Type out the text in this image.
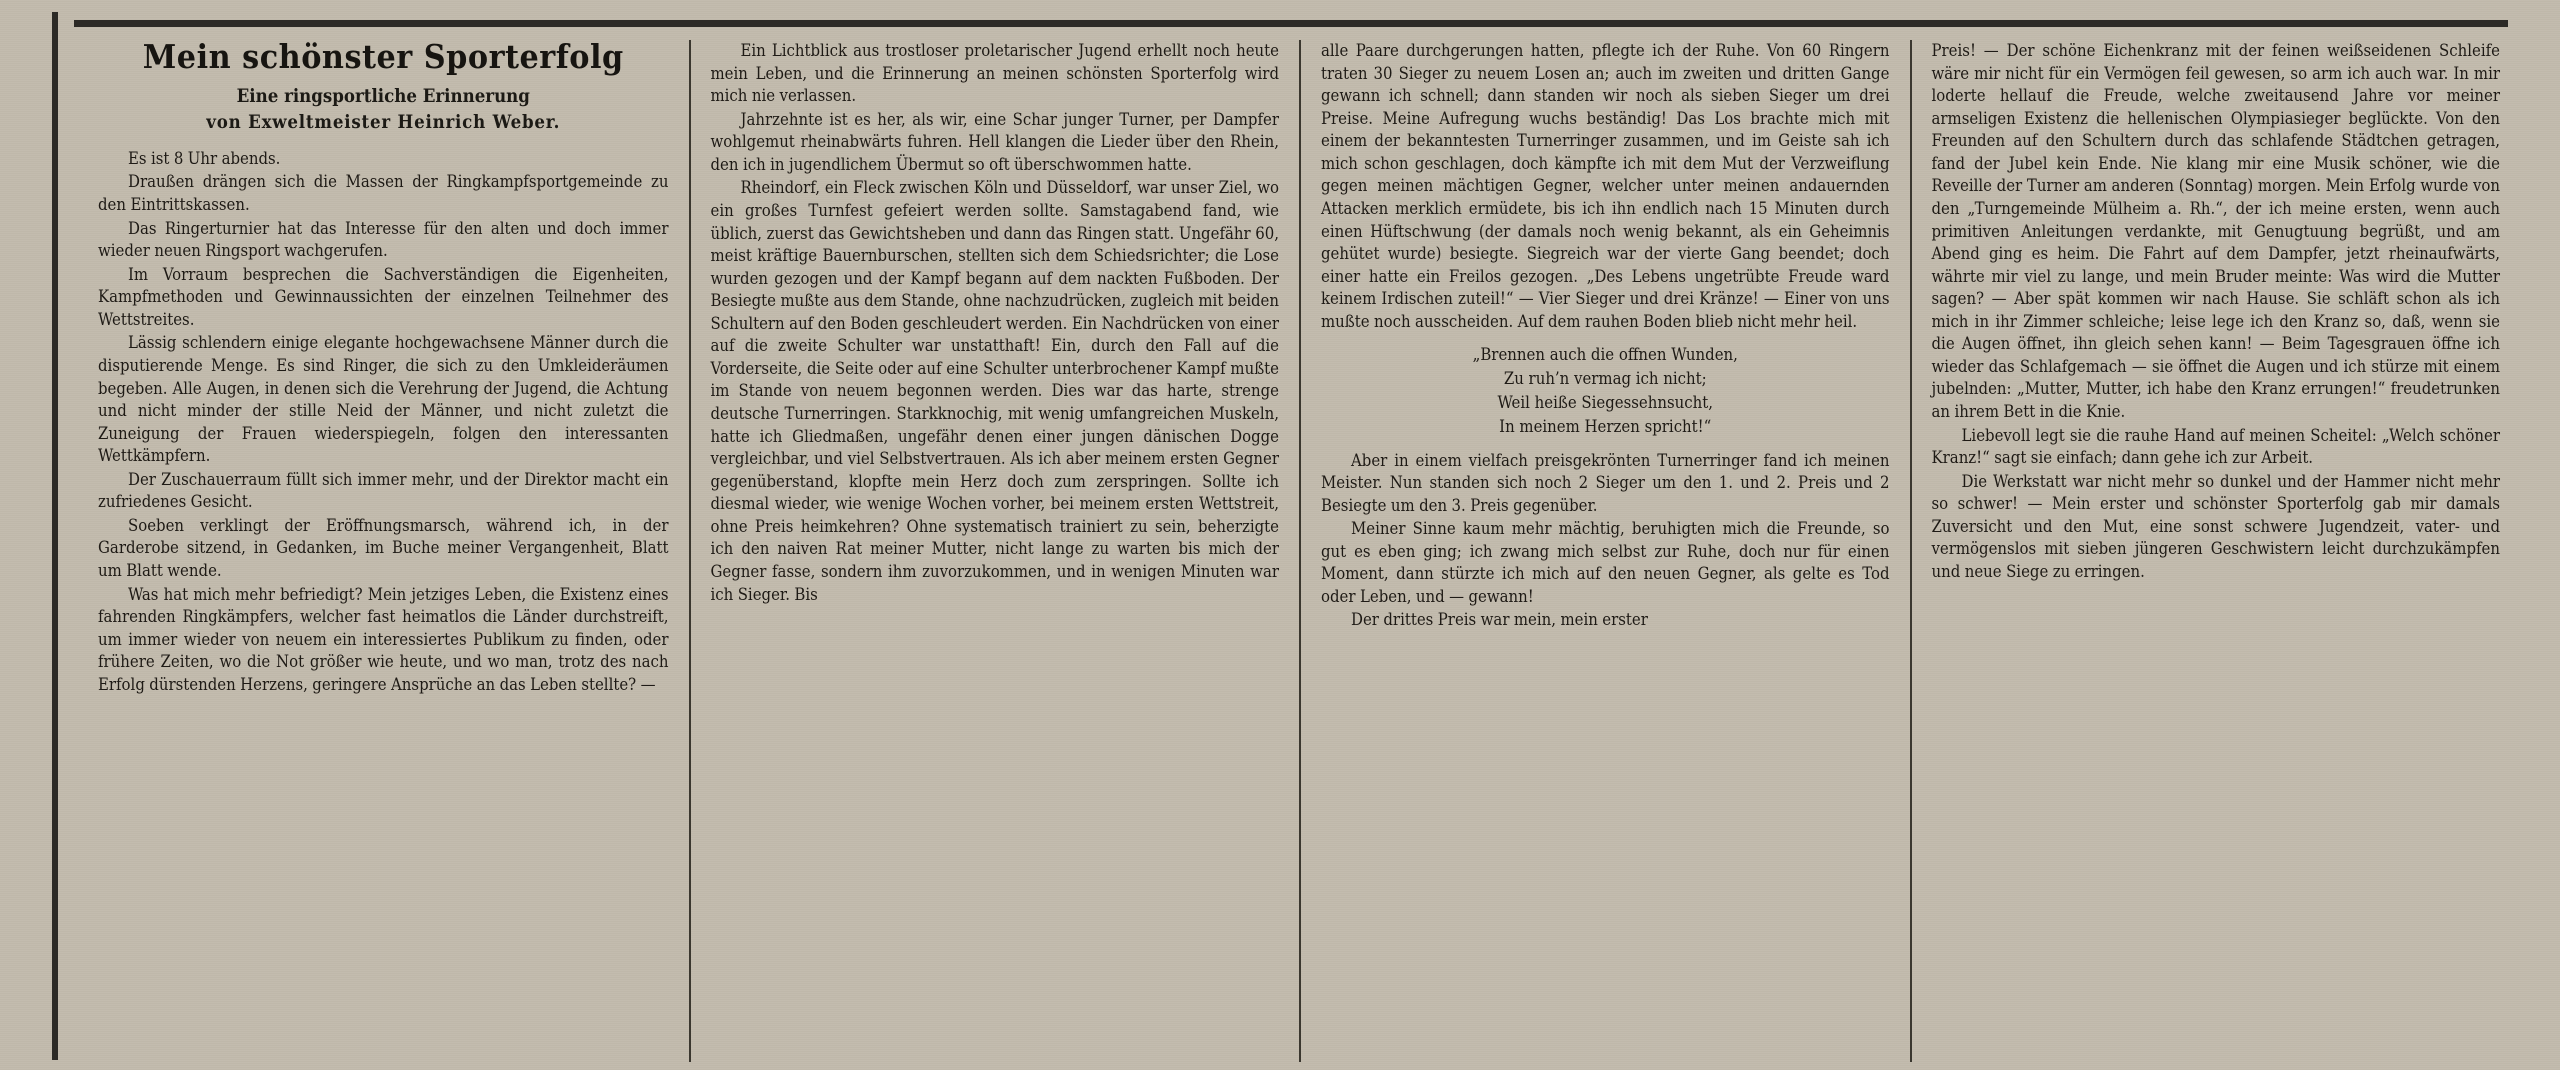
Mein schönster Sporterfolg
Eine ringsportliche Erinnerung
von Exweltmeister Heinrich Weber.

Es ist 8 Uhr abends.

Draußen drängen sich die Massen der Ringkampfsportgemeinde zu den Eintrittskassen.

Das Ringerturnier hat das Interesse für den alten und doch immer wieder neuen Ringsport wachgerufen.

Im Vorraum besprechen die Sachverständigen die Eigenheiten, Kampfmethoden und Gewinnaussichten der einzelnen Teilnehmer des Wettstreites.

Lässig schlendern einige elegante hochgewachsene Männer durch die disputierende Menge. Es sind Ringer, die sich zu den Umkleideräumen begeben. Alle Augen, in denen sich die Verehrung der Jugend, die Achtung und nicht minder der stille Neid der Männer, und nicht zuletzt die Zuneigung der Frauen wiederspiegeln, folgen den interessanten Wettkämpfern.

Der Zuschauerraum füllt sich immer mehr, und der Direktor macht ein zufriedenes Gesicht.

Soeben verklingt der Eröffnungsmarsch, während ich, in der Garderobe sitzend, in Gedanken, im Buche meiner Vergangenheit, Blatt um Blatt wende.

Was hat mich mehr befriedigt? Mein jetziges Leben, die Existenz eines fahrenden Ringkämpfers, welcher fast heimatlos die Länder durchstreift, um immer wieder von neuem ein interessiertes Publikum zu finden, oder frühere Zeiten, wo die Not größer wie heute, und wo man, trotz des nach Erfolg dürstenden Herzens, geringere Ansprüche an das Leben stellte? —

Ein Lichtblick aus trostloser proletarischer Jugend erhellt noch heute mein Leben, und die Erinnerung an meinen schönsten Sporterfolg wird mich nie verlassen.

Jahrzehnte ist es her, als wir, eine Schar junger Turner, per Dampfer wohlgemut rheinabwärts fuhren. Hell klangen die Lieder über den Rhein, den ich in jugendlichem Übermut so oft überschwommen hatte.

Rheindorf, ein Fleck zwischen Köln und Düsseldorf, war unser Ziel, wo ein großes Turnfest gefeiert werden sollte. Samstagabend fand, wie üblich, zuerst das Gewichtsheben und dann das Ringen statt. Ungefähr 60, meist kräftige Bauernburschen, stellten sich dem Schiedsrichter; die Lose wurden gezogen und der Kampf begann auf dem nackten Fußboden. Der Besiegte mußte aus dem Stande, ohne nachzudrücken, zugleich mit beiden Schultern auf den Boden geschleudert werden. Ein Nachdrücken von einer auf die zweite Schulter war unstatthaft! Ein, durch den Fall auf die Vorderseite, die Seite oder auf eine Schulter unterbrochener Kampf mußte im Stande von neuem begonnen werden. Dies war das harte, strenge deutsche Turnerringen. Starkknochig, mit wenig umfangreichen Muskeln, hatte ich Gliedmaßen, ungefähr denen einer jungen dänischen Dogge vergleichbar, und viel Selbstvertrauen. Als ich aber meinem ersten Gegner gegenüberstand, klopfte mein Herz doch zum zerspringen. Sollte ich diesmal wieder, wie wenige Wochen vorher, bei meinem ersten Wettstreit, ohne Preis heimkehren? Ohne systematisch trainiert zu sein, beherzigte ich den naiven Rat meiner Mutter, nicht lange zu warten bis mich der Gegner fasse, sondern ihm zuvorzukommen, und in wenigen Minuten war ich Sieger. Bis

alle Paare durchgerungen hatten, pflegte ich der Ruhe. Von 60 Ringern traten 30 Sieger zu neuem Losen an; auch im zweiten und dritten Gange gewann ich schnell; dann standen wir noch als sieben Sieger um drei Preise. Meine Aufregung wuchs beständig! Das Los brachte mich mit einem der bekanntesten Turnerringer zusammen, und im Geiste sah ich mich schon geschlagen, doch kämpfte ich mit dem Mut der Verzweiflung gegen meinen mächtigen Gegner, welcher unter meinen andauernden Attacken merklich ermüdete, bis ich ihn endlich nach 15 Minuten durch einen Hüftschwung (der damals noch wenig bekannt, als ein Geheimnis gehütet wurde) besiegte. Siegreich war der vierte Gang beendet; doch einer hatte ein Freilos gezogen. „Des Lebens ungetrübte Freude ward keinem Irdischen zuteil!“ — Vier Sieger und drei Kränze! — Einer von uns mußte noch ausscheiden. Auf dem rauhen Boden blieb nicht mehr heil.

„Brennen auch die offnen Wunden,
Zu ruh’n vermag ich nicht;
Weil heiße Siegessehnsucht,
In meinem Herzen spricht!“

Aber in einem vielfach preisgekrönten Turnerringer fand ich meinen Meister. Nun standen sich noch 2 Sieger um den 1. und 2. Preis und 2 Besiegte um den 3. Preis gegenüber.

Meiner Sinne kaum mehr mächtig, beruhigten mich die Freunde, so gut es eben ging; ich zwang mich selbst zur Ruhe, doch nur für einen Moment, dann stürzte ich mich auf den neuen Gegner, als gelte es Tod oder Leben, und — gewann!

Der drittes Preis war mein, mein erster

Preis! — Der schöne Eichenkranz mit der feinen weißseidenen Schleife wäre mir nicht für ein Vermögen feil gewesen, so arm ich auch war. In mir loderte hellauf die Freude, welche zweitausend Jahre vor meiner armseligen Existenz die hellenischen Olympiasieger beglückte. Von den Freunden auf den Schultern durch das schlafende Städtchen getragen, fand der Jubel kein Ende. Nie klang mir eine Musik schöner, wie die Reveille der Turner am anderen (Sonntag) morgen. Mein Erfolg wurde von den „Turngemeinde Mülheim a. Rh.“, der ich meine ersten, wenn auch primitiven Anleitungen verdankte, mit Genugtuung begrüßt, und am Abend ging es heim. Die Fahrt auf dem Dampfer, jetzt rheinaufwärts, währte mir viel zu lange, und mein Bruder meinte: Was wird die Mutter sagen? — Aber spät kommen wir nach Hause. Sie schläft schon als ich mich in ihr Zimmer schleiche; leise lege ich den Kranz so, daß, wenn sie die Augen öffnet, ihn gleich sehen kann! — Beim Tagesgrauen öffne ich wieder das Schlafgemach — sie öffnet die Augen und ich stürze mit einem jubelnden: „Mutter, Mutter, ich habe den Kranz errungen!“ freudetrunken an ihrem Bett in die Knie.

Liebevoll legt sie die rauhe Hand auf meinen Scheitel: „Welch schöner Kranz!“ sagt sie einfach; dann gehe ich zur Arbeit.

Die Werkstatt war nicht mehr so dunkel und der Hammer nicht mehr so schwer! — Mein erster und schönster Sporterfolg gab mir damals Zuversicht und den Mut, eine sonst schwere Jugendzeit, vater- und vermögenslos mit sieben jüngeren Geschwistern leicht durchzukämpfen und neue Siege zu erringen.
